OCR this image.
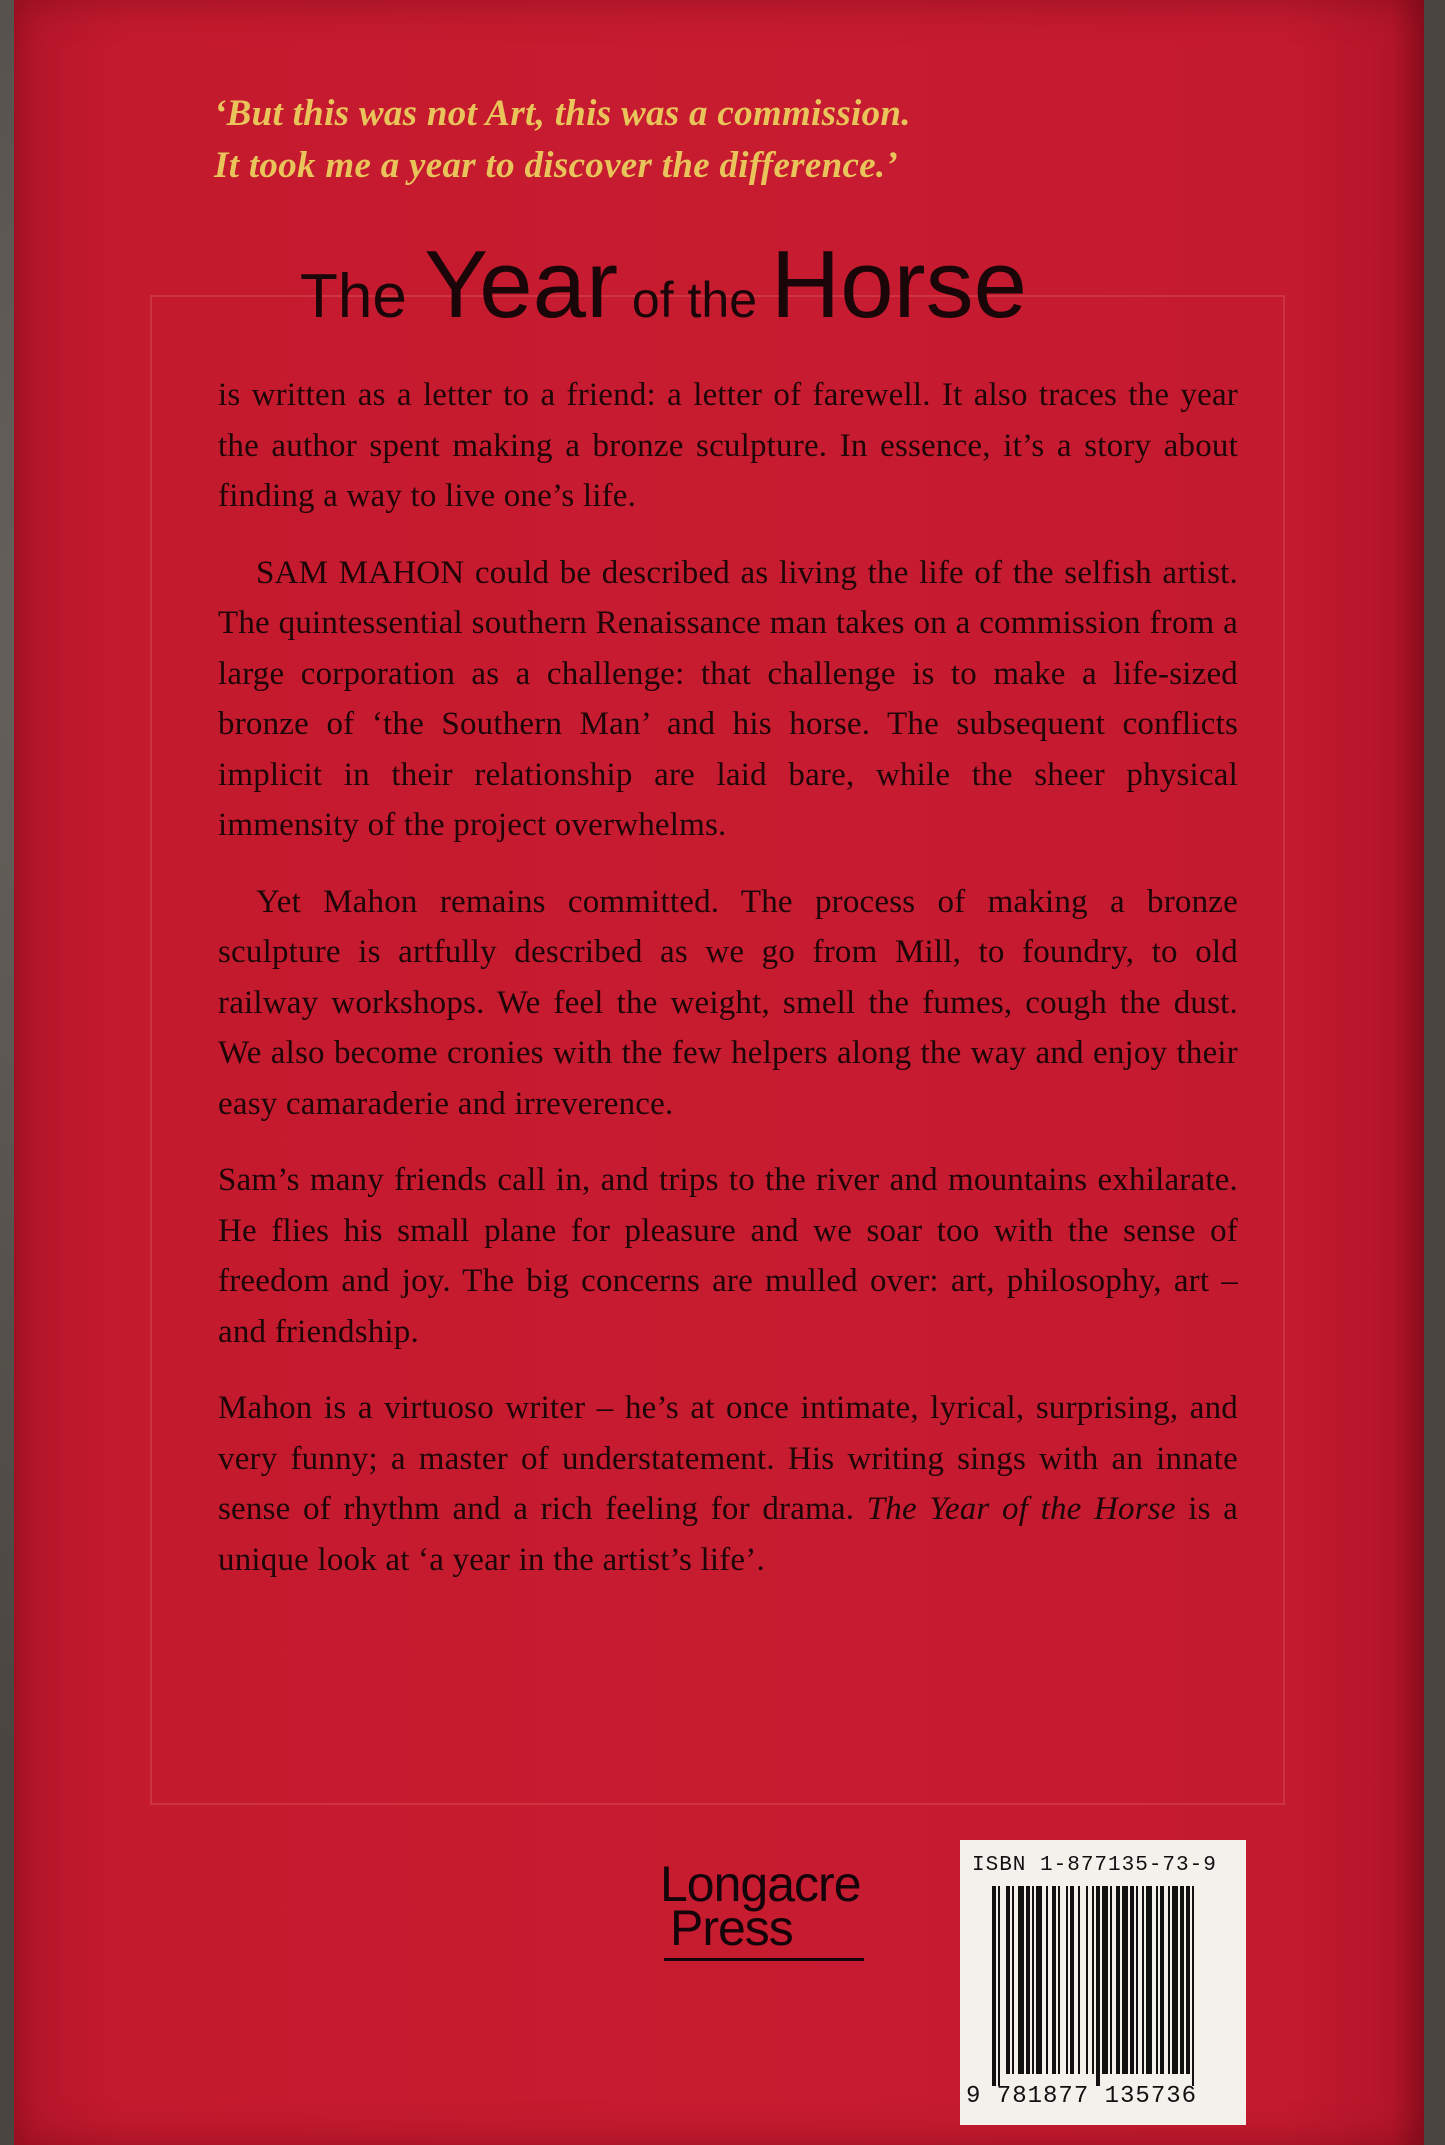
‘But this was not Art, this was a commission.
It took me a year to discover the difference.’
The Year of the Horse

is written as a letter to a friend: a letter of farewell. It also traces the year the author spent making a bronze sculpture. In essence, it’s a story about finding a way to live one’s life.

SAM MAHON could be described as living the life of the selfish artist. The quintessential southern Renaissance man takes on a commission from a large corporation as a challenge: that challenge is to make a life-sized bronze of ‘the Southern Man’ and his horse. The subsequent conflicts implicit in their relationship are laid bare, while the sheer physical immensity of the project overwhelms.

Yet Mahon remains committed. The process of making a bronze sculpture is artfully described as we go from Mill, to foundry, to old railway workshops. We feel the weight, smell the fumes, cough the dust. We also become cronies with the few helpers along the way and enjoy their easy camaraderie and irreverence.

Sam’s many friends call in, and trips to the river and mountains exhilarate. He flies his small plane for pleasure and we soar too with the sense of freedom and joy. The big concerns are mulled over: art, philosophy, art – and friendship.

Mahon is a virtuoso writer – he’s at once intimate, lyrical, surprising, and very funny; a master of understatement. His writing sings with an innate sense of rhythm and a rich feeling for drama. The Year of the Horse is a unique look at ‘a year in the artist’s life’.

Longacre
Press
ISBN 1-877135-73-9
9 781877 135736
